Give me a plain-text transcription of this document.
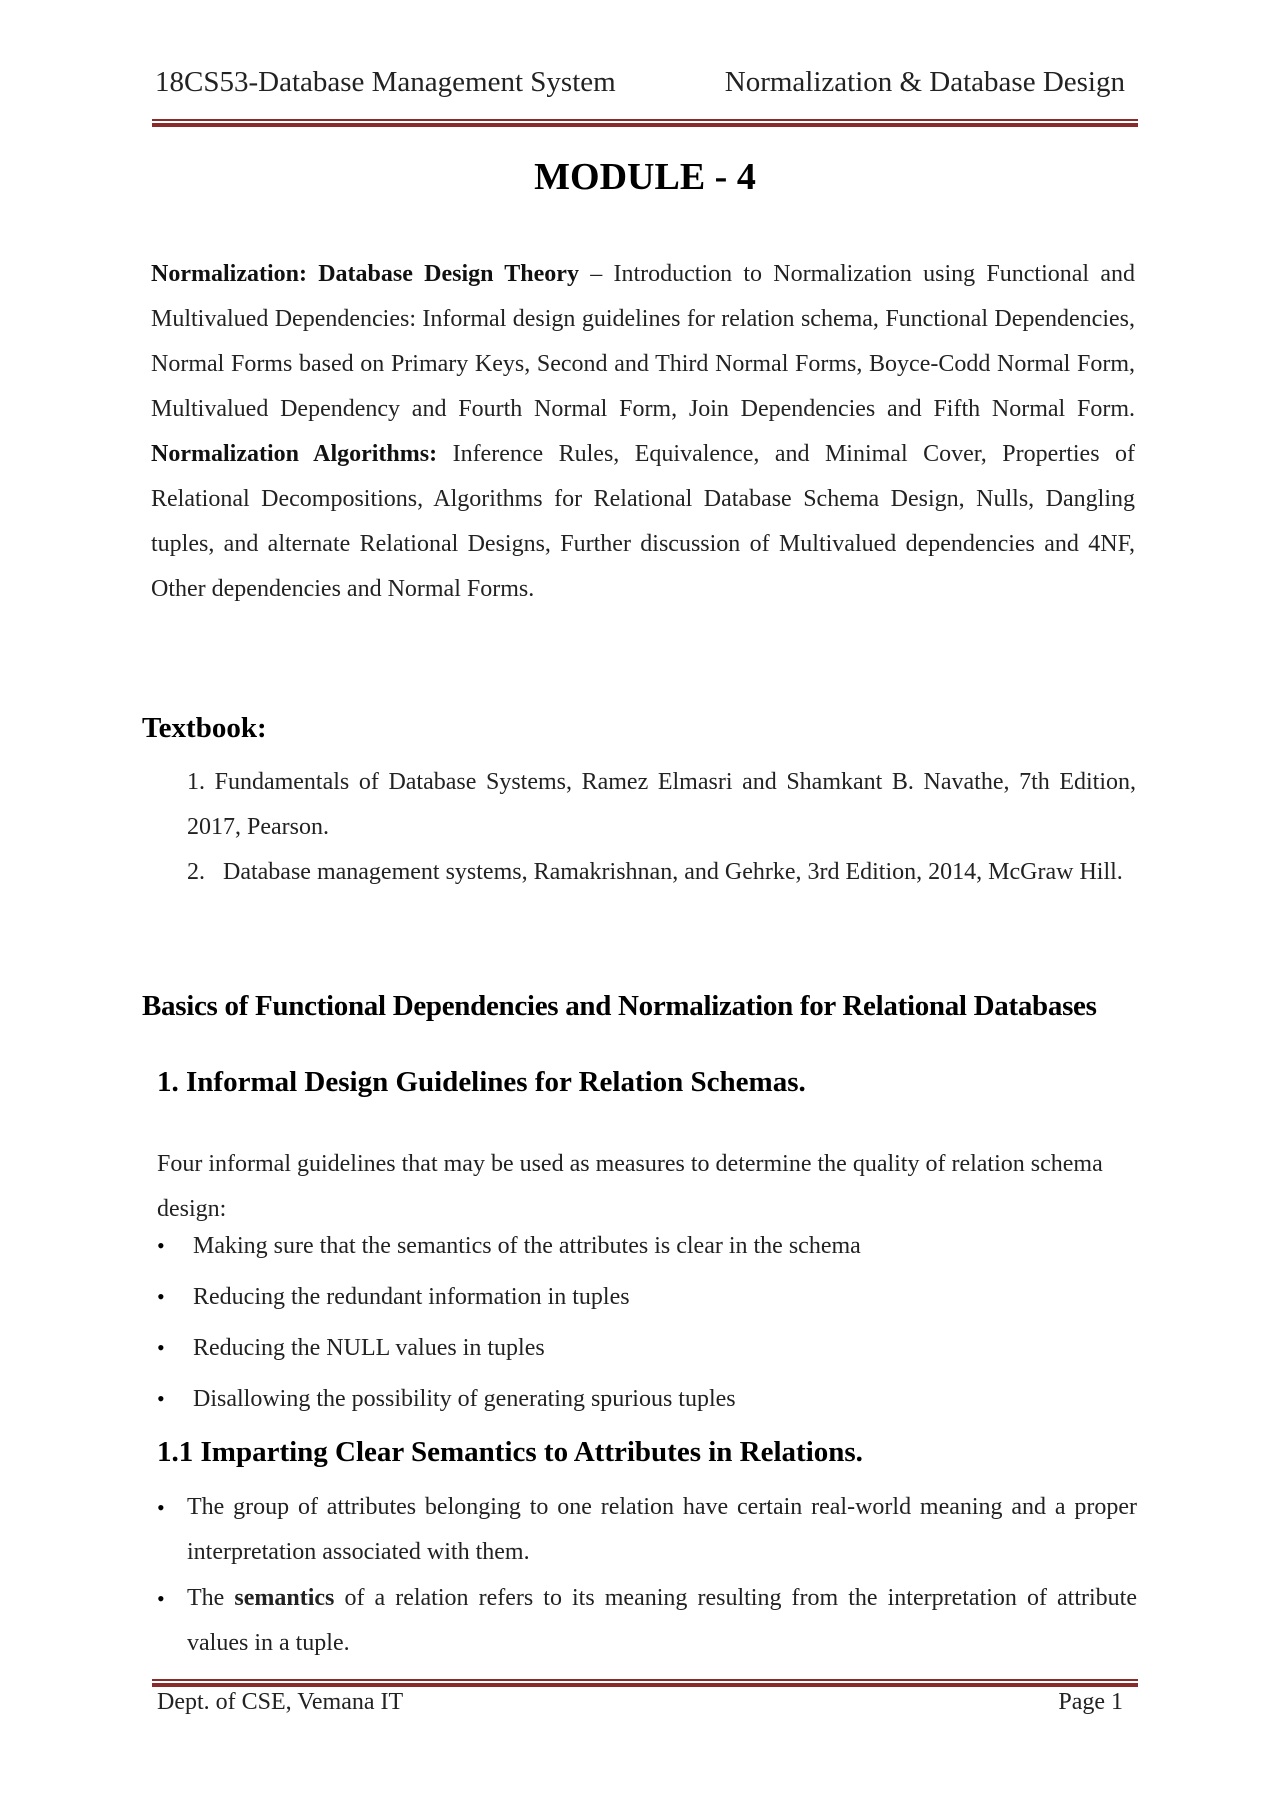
18CS53-Database Management System	Normalization & Database Design
MODULE - 4
Normalization: Database Design Theory – Introduction to Normalization using Functional and Multivalued Dependencies: Informal design guidelines for relation schema, Functional Dependencies, Normal Forms based on Primary Keys, Second and Third Normal Forms, Boyce-Codd Normal Form, Multivalued Dependency and Fourth Normal Form, Join Dependencies and Fifth Normal Form. Normalization Algorithms: Inference Rules, Equivalence, and Minimal Cover, Properties of Relational Decompositions, Algorithms for Relational Database Schema Design, Nulls, Dangling tuples, and alternate Relational Designs, Further discussion of Multivalued dependencies and 4NF, Other dependencies and Normal Forms.
Textbook:
1. Fundamentals of Database Systems, Ramez Elmasri and Shamkant B. Navathe, 7th Edition, 2017, Pearson.
2. Database management systems, Ramakrishnan, and Gehrke, 3rd Edition, 2014, McGraw Hill.
Basics of Functional Dependencies and Normalization for Relational Databases
1. Informal Design Guidelines for Relation Schemas.
Four informal guidelines that may be used as measures to determine the quality of relation schema design:
•	Making sure that the semantics of the attributes is clear in the schema
•	Reducing the redundant information in tuples
•	Reducing the NULL values in tuples
•	Disallowing the possibility of generating spurious tuples
1.1 Imparting Clear Semantics to Attributes in Relations.
• The group of attributes belonging to one relation have certain real-world meaning and a proper interpretation associated with them.
• The semantics of a relation refers to its meaning resulting from the interpretation of attribute values in a tuple.
Dept. of CSE, Vemana IT	Page 1
